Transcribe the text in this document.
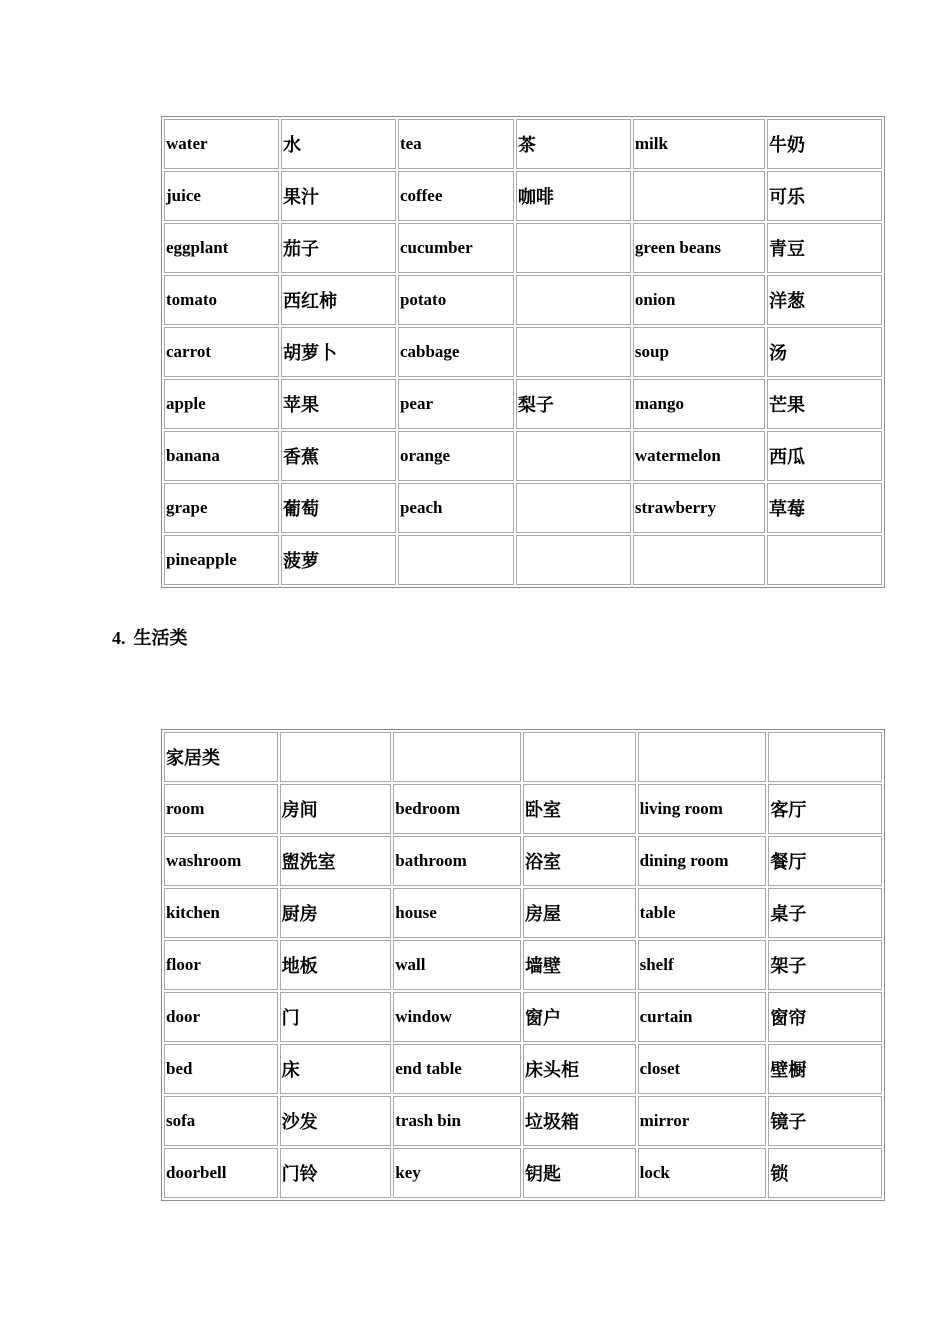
water	水	tea	茶	milk	牛奶
juice	果汁	coffee	咖啡		可乐
eggplant	茄子	cucumber		green beans	青豆
tomato	西红柿	potato		onion	洋葱
carrot	胡萝卜	cabbage		soup	汤
apple	苹果	pear	梨子	mango	芒果
banana	香蕉	orange		watermelon	西瓜
grape	葡萄	peach		strawberry	草莓
pineapple	菠萝				
4. 生活类
家居类					
room	房间	bedroom	卧室	living room	客厅
washroom	盥洗室	bathroom	浴室	dining room	餐厅
kitchen	厨房	house	房屋	table	桌子
floor	地板	wall	墙壁	shelf	架子
door	门	window	窗户	curtain	窗帘
bed	床	end table	床头柜	closet	壁橱
sofa	沙发	trash bin	垃圾箱	mirror	镜子
doorbell	门铃	key	钥匙	lock	锁
